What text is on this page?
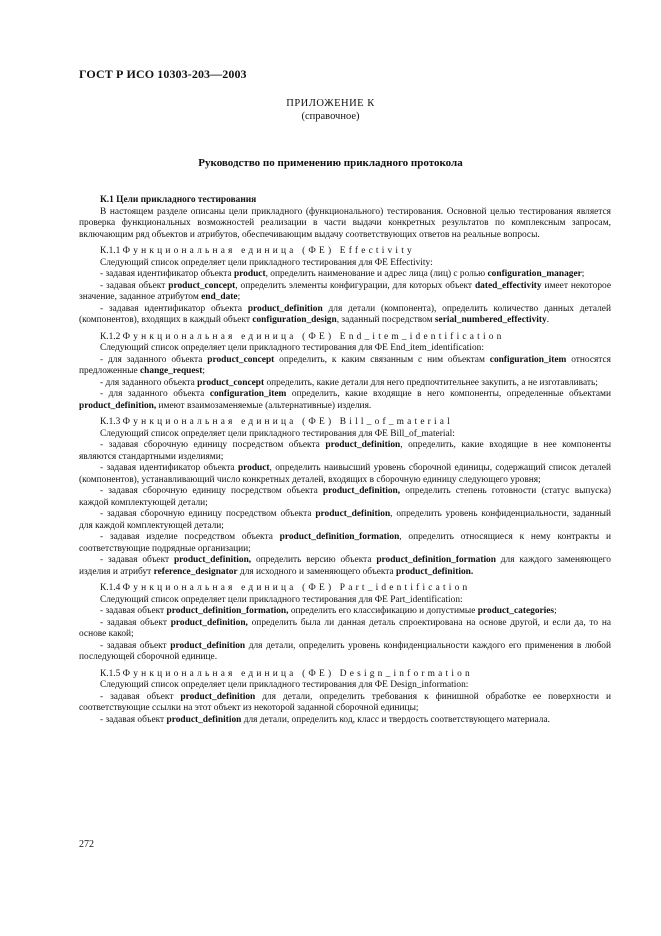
ГОСТ Р ИСО 10303-203—2003
ПРИЛОЖЕНИЕ К
(справочное)
Руководство по применению прикладного протокола

К.1 Цели прикладного тестирования

В настоящем разделе описаны цели прикладного (функционального) тестирования. Основной целью тестирования является проверка функциональных возможностей реализации в части выдачи конкретных результатов по комплексным запросам, включающим ряд объектов и атрибутов, обеспечивающим выдачу соответствующих ответов на реальные вопросы.

К.1.1 Функциональная единица (ФЕ) Effectivity

Следующий список определяет цели прикладного тестирования для ФЕ Effectivity:

- задавая идентификатор объекта product, определить наименование и адрес лица (лиц) с ролью configuration_manager;

- задавая объект product_concept, определить элементы конфигурации, для которых объект dated_effectivity имеет некоторое значение, заданное атрибутом end_date;

- задавая идентификатор объекта product_definition для детали (компонента), определить количество данных деталей (компонентов), входящих в каждый объект configuration_design, заданный посредством serial_numbered_effectivity.

К.1.2 Функциональная единица (ФЕ) End_item_identification

Следующий список определяет цели прикладного тестирования для ФЕ End_item_identification:

- для заданного объекта product_concept определить, к каким связанным с ним объектам configuration_item относятся предложенные change_request;

- для заданного объекта product_concept определить, какие детали для него предпочтительнее закупить, а не изготавливать;

- для заданного объекта configuration_item определить, какие входящие в него компоненты, определенные объектами product_definition, имеют взаимозаменяемые (альтернативные) изделия.

К.1.3 Функциональная единица (ФЕ) Bill_of_material

Следующий список определяет цели прикладного тестирования для ФЕ Bill_of_material:

- задавая сборочную единицу посредством объекта product_definition, определить, какие входящие в нее компоненты являются стандартными изделиями;

- задавая идентификатор объекта product, определить наивысший уровень сборочной единицы, содержащий список деталей (компонентов), устанавливающий число конкретных деталей, входящих в сборочную единицу следующего уровня;

- задавая сборочную единицу посредством объекта product_definition, определить степень готовности (статус выпуска) каждой комплектующей детали;

- задавая сборочную единицу посредством объекта product_definition, определить уровень конфиденциальности, заданный для каждой комплектующей детали;

- задавая изделие посредством объекта product_definition_formation, определить относящиеся к нему контракты и соответствующие подрядные организации;

- задавая объект product_definition, определить версию объекта product_definition_formation для каждого заменяющего изделия и атрибут reference_designator для исходного и заменяющего объекта product_definition.

К.1.4 Функциональная единица (ФЕ) Part_identification

Следующий список определяет цели прикладного тестирования для ФЕ Part_identification:

- задавая объект product_definition_formation, определить его классификацию и допустимые product_categories;

- задавая объект product_definition, определить была ли данная деталь спроектирована на основе другой, и если да, то на основе какой;

- задавая объект product_definition для детали, определить уровень конфиденциальности каждого его применения в любой последующей сборочной единице.

К.1.5 Функциональная единица (ФЕ) Design_information

Следующий список определяет цели прикладного тестирования для ФЕ Design_information:

- задавая объект product_definition для детали, определить требования к финишной обработке ее поверхности и соответствующие ссылки на этот объект из некоторой заданной сборочной единицы;

- задавая объект product_definition для детали, определить код, класс и твердость соответствующего материала.

272
